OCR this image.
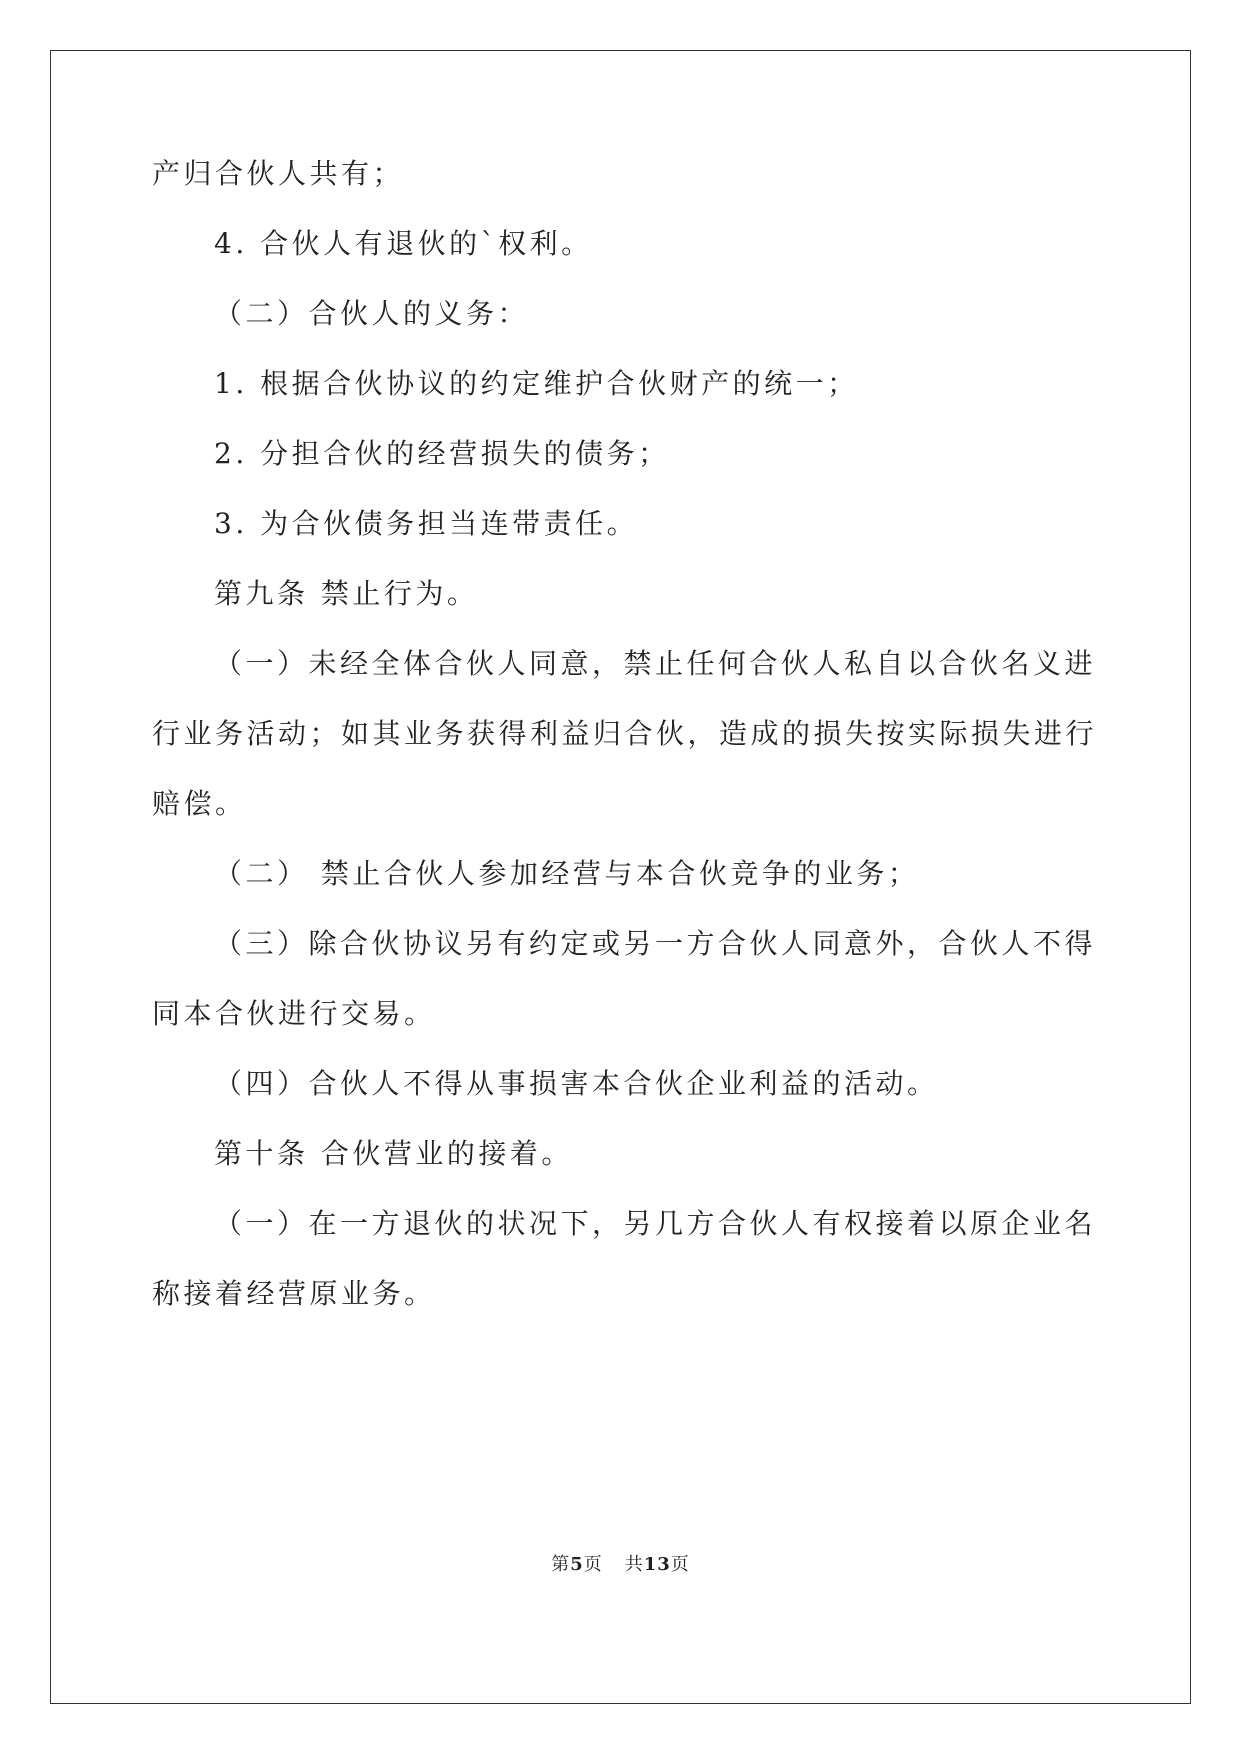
产归合伙人共有；
4. 合伙人有退伙的`权利。
（二）合伙人的义务：
1. 根据合伙协议的约定维护合伙财产的统一；
2. 分担合伙的经营损失的债务；
3. 为合伙债务担当连带责任。
第九条 禁止行为。
（一）未经全体合伙人同意，禁止任何合伙人私自以合伙名义进
行业务活动；如其业务获得利益归合伙，造成的损失按实际损失进行
赔偿。
（二） 禁止合伙人参加经营与本合伙竞争的业务；
（三）除合伙协议另有约定或另一方合伙人同意外，合伙人不得
同本合伙进行交易。
（四）合伙人不得从事损害本合伙企业利益的活动。
第十条 合伙营业的接着。
（一）在一方退伙的状况下，另几方合伙人有权接着以原企业名
称接着经营原业务。
第5页 共13页
